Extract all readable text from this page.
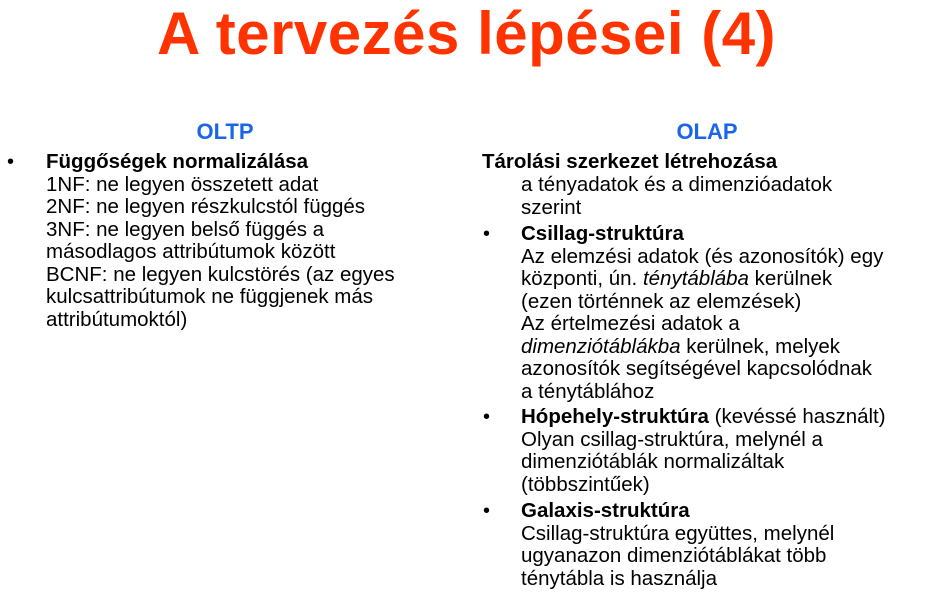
A tervezés lépései (4)
OLTP	OLAP
• Függőségek normalizálása
1NF: ne legyen összetett adat
2NF: ne legyen részkulcstól függés
3NF: ne legyen belső függés a
másodlagos attribútumok között
BCNF: ne legyen kulcstörés (az egyes
kulcsattribútumok ne függjenek más
attribútumoktól)
Tárolási szerkezet létrehozása
a tényadatok és a dimenzióadatok
szerint
• Csillag-struktúra
Az elemzési adatok (és azonosítók) egy
központi, ún. ténytáblába kerülnek
(ezen történnek az elemzések)
Az értelmezési adatok a
dimenziótáblákba kerülnek, melyek
azonosítók segítségével kapcsolódnak
a ténytáblához
• Hópehely-struktúra (kevéssé használt)
Olyan csillag-struktúra, melynél a
dimenziótáblák normalizáltak
(többszintűek)
• Galaxis-struktúra
Csillag-struktúra együttes, melynél
ugyanazon dimenziótáblákat több
ténytábla is használja
